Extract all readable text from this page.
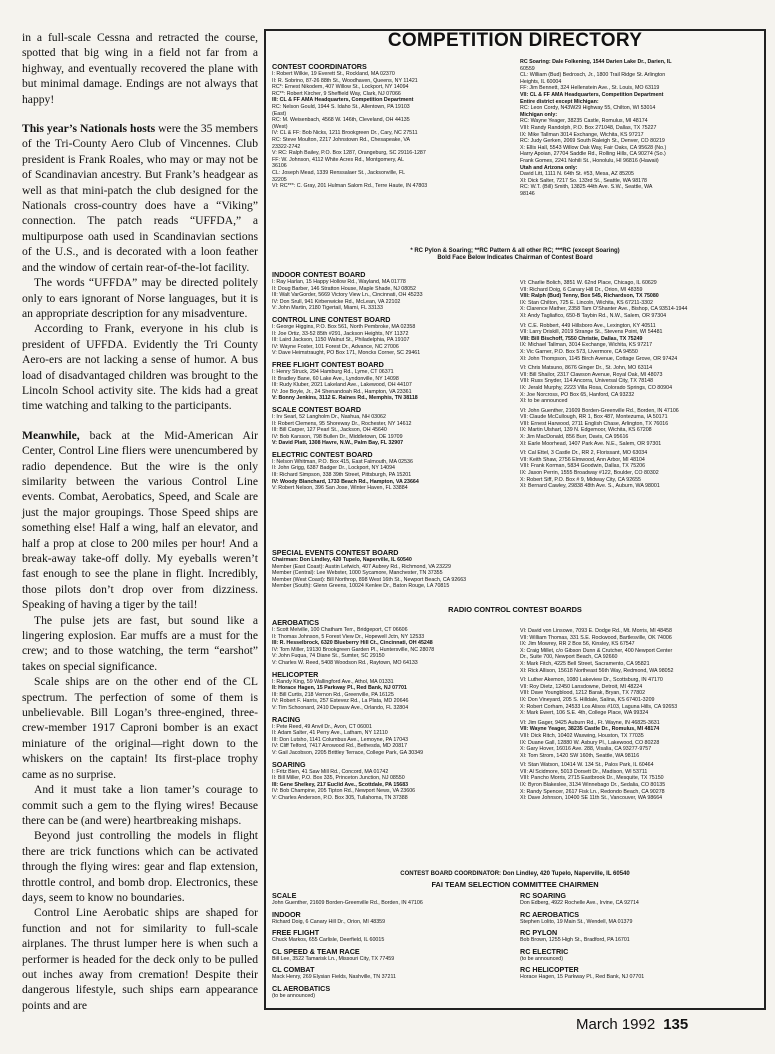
in a full-scale Cessna and retracted the course, spotted that big wing in a field not far from a highway, and eventually recovered the plane with but minimal damage. Endings are not always that happy!

This year’s Nationals hosts were the 35 members of the Tri-County Aero Club of Vincennes. Club president is Frank Roales, who may or may not be of Scandinavian ancestry. But Frank’s headgear as well as that mini-patch the club designed for the Nationals cross-country does have a “Viking” connection. The patch reads “UFFDA,” a multipurpose oath used in Scandinavian sections of the U.S., and is decorated with a loon feather and the window of certain rear-of-the-lot facility.

The words “UFFDA” may be directed politely only to ears ignorant of Norse languages, but it is an appropriate description for any misadventure.

According to Frank, everyone in his club is president of UFFDA. Evidently the Tri County Aero-ers are not lacking a sense of humor. A bus load of disadvantaged children was brought to the Lincoln School activity site. The kids had a great time watching and talking to the participants.

Meanwhile, back at the Mid-American Air Center, Control Line fliers were unencumbered by radio dependence. But the wire is the only similarity between the various Control Line events. Combat, Aerobatics, Speed, and Scale are just the major groupings. Those Speed ships are something else! Half a wing, half an elevator, and half a prop at close to 200 miles per hour! And a break-away take-off dolly. My eyeballs weren’t fast enough to see the plane in flight. Incredibly, those pilots don’t drop over from dizziness. Speaking of having a tiger by the tail!

The pulse jets are fast, but sound like a lingering explosion. Ear muffs are a must for the crew; and to those watching, the term “earshot” takes on special significance.

Scale ships are on the other end of the CL spectrum. The perfection of some of them is unbelievable. Bill Logan’s three-engined, three-crew-member 1917 Caproni bomber is an exact miniature of the original—right down to the whiskers on the captain! Its first-place trophy came as no surprise.

And it must take a lion tamer’s courage to commit such a gem to the flying wires! Because there can be (and were) heartbreaking mishaps.

Beyond just controlling the models in flight there are trick functions which can be activated through the flying wires: gear and flap extension, throttle control, and bomb drop. Electronics, these days, seem to know no boundaries.

Control Line Aerobatic ships are shaped for function and not for similarity to full-scale airplanes. The thrust lumper here is when such a performer is headed for the deck only to be pulled out inches away from cremation! Despite their dangerous lifestyle, such ships earn appearance points and are

COMPETITION DIRECTORY
CONTEST COORDINATORS
I: Robert Wilkie, 19 Everett St., Rockland, MA 02370
II: R. Sobrino, 87-26 88th St., Woodhaven, Queens, NY 11421
RC*: Ernest Nikodem, 407 Willow St., Lockport, NY 14094
RC**: Robert Kircher, 9 Sheffield Way, Clark, NJ 07066
III: CL & FF AMA Headquarters, Competition Department
RC: Nelson Gould, 1944 S. Idaho St., Allentown, PA 19103
(East)
RC: M. Weisenbach, 4568 W. 146th, Cleveland, OH 44135
(West)
IV: CL & FF: Bob Nicks, 1211 Brookgreen Dr., Cary, NC 27511
RC: Steve Moulton, 2217 Johnstown Rd., Chesapeake, VA
23322-2742
V: RC: Ralph Bailey, P.O. Box 1287, Orangeburg, SC 29116-1287
FF: W. Johnson, 4112 White Acres Rd., Montgomery, AL
36106
CL: Joseph Mead, 1339 Renssalaer St., Jacksonville, FL
32205
VI: RC***: C. Gray, 201 Hulman Salom Rd., Terre Haute, IN 47803
RC Soaring: Dale Folkening, 1544 Darien Lake Dr., Darien, IL
60559
CL: William (Bud) Bedrosch, Jr., 1800 Trail Ridge St. Arlington
Heights, IL 60004
FF: Jim Bennett, 324 Hellenstein Ave., St. Louis, MO 63119
VII: CL & FF AMA Headquarters, Competition Department
Entire district except Michigan:
RC: Leon Cordy, N43W29 Highway 55, Chilton, WI 53014
Michigan only:
RC: Wayne Yeager, 38235 Castle, Romulus, MI 48174
VIII: Randy Randolph, P.O. Box 271048, Dallas, TX 75227
IX: Mike Tallman 3014 Exchange, Wichita, KS 97217
RC: Judy Gerken, 2069 South Raleigh St., Denver, CO 80219
X: Ellis Hall, 5543 Willow Oak Way, Fair Oaks, CA 95628 (No.)
Harry Apoian, 27704 Saddle Rd., Rolling Hills, CA 90274 (So.)
Frank Gomes, 2241 Nohili St., Honolulu, HI 96816 (Hawaii)
Utah and Arizona only:
David Litt, 1111 N. 64th St. #53, Mesa, AZ 85205
XI: Dick Salter, 7217 So. 133rd St., Seattle, WA 98178
RC: W.T. (Bill) Smith, 13825 44th Ave. S.W., Seattle, WA
98146
* RC Pylon & Soaring; **RC Pattern & all other RC; ***RC (except Soaring)
Bold Face Below Indicates Chairman of Contest Board
INDOOR CONTEST BOARD
I: Ray Harlan, 15 Happy Hollow Rd., Wayland, MA 01778
II: Doug Barber, 146 Stratton House, Maple Shade, NJ 08052
III: Walt VarGorder, 5669 Victory View Ln., Cincinnati, OH 45233
IV: Don Srull, 941 Kirbenwicke Rd., McLean, VA 22102
V: John Martin, 2180 Tigertail, Miami, FL 33133
CONTROL LINE CONTEST BOARD
I: George Higgins, P.O. Box 561, North Pembroke, MA 02358
II: Joe Ortiz, 33-52 85th #291, Jackson Heights, NY 11372
III: Laird Jackson, 1150 Walnut St., Philadelphia, PA 19107
IV: Wayne Foster, 101 Forest Dr., Advance, NC 27006
V: Dave Heimstraught, PO Box 171, Moncks Corner, SC 29461
FREE FLIGHT CONTEST BOARD
I: Henry Struck, 294 Hamburg Rd., Lyme, CT 06371
II: Bradley Bane, 60 Lake Ave., Lyndonville, NY 14098
III: Rudy Kluber, 2021 Lakeland Ave., Lakewood, OH 44107
IV: Joe Boyle, Jr., 24 Shenandoah Rd., Hampton, VA 23361
V: Bonny Jenkins, 3112 E. Raines Rd., Memphis, TN 38118
SCALE CONTEST BOARD
I: Irv Searl, 52 Langholm Dr., Nashua, NH 03062
II: Robert Clemens, 95 Shoreway Dr., Rochester, NY 14612
III: Bill Carper, 127 Pearl St., Jackson, OH 45640
IV: Bob Karsson, 798 Bullen Dr., Middletown, DE 19709
V: David Platt, 1308 Havre, N.W., Palm Bay, FL 32907
ELECTRIC CONTEST BOARD
I: Nelson Whitman, P.O. Box 415, East Falmouth, MA 02536
II: John Grigg, 6387 Badger Dr., Lockport, NY 14094
III: Richard Simpson, 338 39th Street, Pittsburgh, PA 15201
IV: Woody Blanchard, 1733 Beach Rd., Hampton, VA 23664
V: Robert Nelson, 396 San Jose, Winter Haven, FL 33884
VI: Charlie Bolich, 3851 W. 62nd Place, Chicago, IL 60629
VII: Richard Doig, 6 Canary Hill Dr., Orion, MI 48359
VIII: Ralph (Bud) Tenny, Box 545, Richardson, TX 75080
IX: Stan Chilton, 725 E. Lincoln, Wichita, KS 67211-3302
X: Clarence Mather, 2358 Tam O’Shanter Ave., Bishop, CA 93514-1944
XI: Andy Tagliafico, 650-B Taybin Rd., N.W., Salem, OR 97304
VI: C.E. Robbert, 449 Hillsboro Ave., Lexington, KY 40511
VII: Larry Driskill, 2019 Strange St., Stevens Point, WI 54481
VIII: Bill Bischoff, 7550 Christie, Dallas, TX 75249
IX: Michael Tallman, 3014 Exchange, Wichita, KS 97217
X: Vic Garner, P.O. Box 573, Livermore, CA 94550
XI: John Thompson, 1145 Birch Avenue, Cottage Grove, OR 97424
VI: Chris Matsuno, 8676 Ginger Dr., St. John, MO 63114
VII: Bill Shailor, 2317 Clawson Avenue, Royal Oak, MI 48073
VIII: Russ Snyder, 114 Ancorra, Universal City, TX 78148
IX: Jerald Murphy, 2223 Villa Rosa, Colorado Springs, CO 80904
X: Joe Norcross, PO Box 65, Hanford, CA 93232
XI: to be announced
VI: John Guenther, 21609 Borden-Greenville Rd., Borden, IN 47106
VII: Claude McCullough, RR 1, Box 487, Montezuma, IA 50171
VIII: Ernest Harwood, 2711 English Chase, Arlington, TX 76016
IX: Martin Ulshart, 139 N. Edgemoor, Wichita, KS 67208
X: Jim MacDonald, 856 Burr, Davis, CA 95616
XI: Earle Moorhead, 1407 Park Ave. N.E., Salem, OR 97301
VI: Cal Ettel, 3 Castle Dr., RR 2, Florissant, MO 63034
VII: Keith Shaw, 2756 Elmwood, Ann Arbor, MI 48104
VIII: Frank Korman, 5834 Goodwin, Dallas, TX 75206
IX: Jason Perrin, 1555 Broadway #122, Boulder, CO 80302
X: Robert Siff, P.O. Box # 9, Midway City, CA 92655
XI: Bernard Cawley, 29838 48th Ave. S., Auburn, WA 98001
SPECIAL EVENTS CONTEST BOARD
Chairman: Don Lindley, 420 Tupelo, Naperville, IL 60540
Member (East Coast): Austin Lefwich, 407 Aubrey Rd., Richmond, VA 23229
Member (Central): Lee Webster, 1000 Sycamore, Manchester, TN 37355
Member (West Coast): Bill Northrop, 898 West 16th St., Newport Beach, CA 92663
Member (South): Glenn Greens, 10024 Kenlee Dr., Baton Rouge, LA 70815
RADIO CONTROL CONTEST BOARDS
AEROBATICS
I: Scott Melville, 100 Chatham Terr., Bridgeport, CT 06606
II: Thomas Johnson, 5 Forest View Dr., Hopewell Jctn, NY 12533
III: R. Hesselbrock, 6320 Blueberry Hill Ct., Cincinnati, OH 45248
IV: Tom Miller, 19130 Brookgreen Garden Pl., Huntersville, NC 28078
V: John Fuqua, 74 Diane St., Sumter, SC 29150
V: Charles W. Reed, 5408 Woodson Rd., Raytown, MO 64133
HELICOPTER
I: Randy King, 59 Wallingford Ave., Athol, MA 01331
II: Horace Hagen, 15 Parkway Pl., Red Bank, NJ 07701
III: Bill Curtis, 218 Vernon Rd., Greenville, PA 16125
IV: Robert F. Harris, 257 Estevez Rd., La Plata, MD 20646
V: Tim Schoonard, 2410 Depauw Ave., Orlando, FL 32804
RACING
I: Pete Reed, 49 Anvil Dr., Avon, CT 06001
II: Adam Salter, 41 Perry Ave., Latham, NY 12110
III: Don Lutsho, 1141 Columbus Ave., Lemoyne, PA 17043
IV: Cliff Telford, 7417 Arrowood Rd., Bethesda, MD 20817
V: Gail Jacobson, 2205 Brittley Terrace, College Park, GA 30349
SOARING
I: Fritz Bien, 41 Saw Mill Rd., Concord, MA 01742
II: Bill Miller, P.O. Box 335, Princeton Junction, NJ 08550
III: Gene Shelkey, 217 Euclid Ave., Scottdale, PA 15683
IV: Bob Champine, 205 Tipton Rd., Newport News, VA 23606
V: Charles Anderson, P.O. Box 305, Tullahoma, TN 37388
VI: David von Linsowe, 7093 E. Dodge Rd., Mt. Morris, MI 48458
VII: William Thomas, 331 S.E. Rockwood, Bartlesville, OK 74006
IX: Jim Mowrey, RR 2 Box 56, Kinsley, KS 67547
X: Craig Millet, c/o Gibson Dunn & Crutcher, 400 Newport Center
Dr., Suite 700, Newport Beach, CA 92660
X: Mark Fitch, 4225 Bell Street, Sacramento, CA 95821
XI: Rick Allison, 15618 Northeast 56th Way, Redmond, WA 98052
VI: Luther Akemon, 1080 Lakeview Dr., Scottsburg, IN 47170
VII: Roy Dietz, 12450 Lansdowne, Detroit, MI 48224
VIII: Dave Youngblood, 1212 Barak, Bryan, TX 77802
IX: Don Vineyard, 205 S. Hilldale, Salina, KS 67401-3209
X: Robert Corham, 24533 Los Alisos #103, Laguna Hills, CA 92653
X: Mark Ewert, 106 S.E. 4th, College Place, WA 99324
VI: Jim Gager, 9425 Auburn Rd., Ft. Wayne, IN 46825-3631
VII: Wayne Yeager, 38235 Castle Dr., Romulus, MI 48174
VIII: Dick Ritch, 10402 Waxwing, Houston, TX 77035
IX: Duane Gall, 12880 W. Asbury Pl., Lakewood, CO 80228
X: Gary Hover, 16016 Ave. 288, Visalia, CA 93277-9757
XI: Tom Strom, 1420 SW 160th, Seattle, WA 98116
VI: Stan Watson, 10414 W. 134 St., Palos Park, IL 60464
VII: Al Scidmore, 5013 Dorsett Dr., Madison, WI 53711
VIII: Pancho Morris, 2715 Eastbrook Dr., Mesquite, TX 75150
IX: Byron Blakeslee, 3134 Winnebago Dr., Sedalia, CO 80135
X: Randy Spencer, 2617 Fisk Ln., Redondo Beach, CA 90278
XI: Dave Johnson, 10400 SE 11th St., Vancouver, WA 98664
CONTEST BOARD COORDINATOR: Don Lindley, 420 Tupelo, Naperville, IL 60540
FAI TEAM SELECTION COMMITTEE CHAIRMEN
SCALE
John Guenther, 21609 Borden-Greenville Rd., Borden, IN 47106
INDOOR
Richard Doig, 6 Canary Hill Dr., Orion, MI 48359
FREE FLIGHT
Chuck Markos, 655 Carlisle, Deerfield, IL 60015
CL SPEED & TEAM RACE
Bill Lee, 3522 Tamarisk Ln., Missouri City, TX 77459
CL COMBAT
Mack Henry, 269 Elysian Fields, Nashville, TN 37211
CL AEROBATICS
(to be announced)
RC SOARING
Don Edberg, 4922 Rochelle Ave., Irvine, CA 92714
RC AEROBATICS
Stephen Lolito, 19 Main St., Wendell, MA 01379
RC PYLON
Bob Brown, 1255 High St., Bradford, PA 16701
RC ELECTRIC
(to be announced)
RC HELICOPTER
Horace Hagen, 15 Parkway Pl., Red Bank, NJ 07701
March 1992 135
